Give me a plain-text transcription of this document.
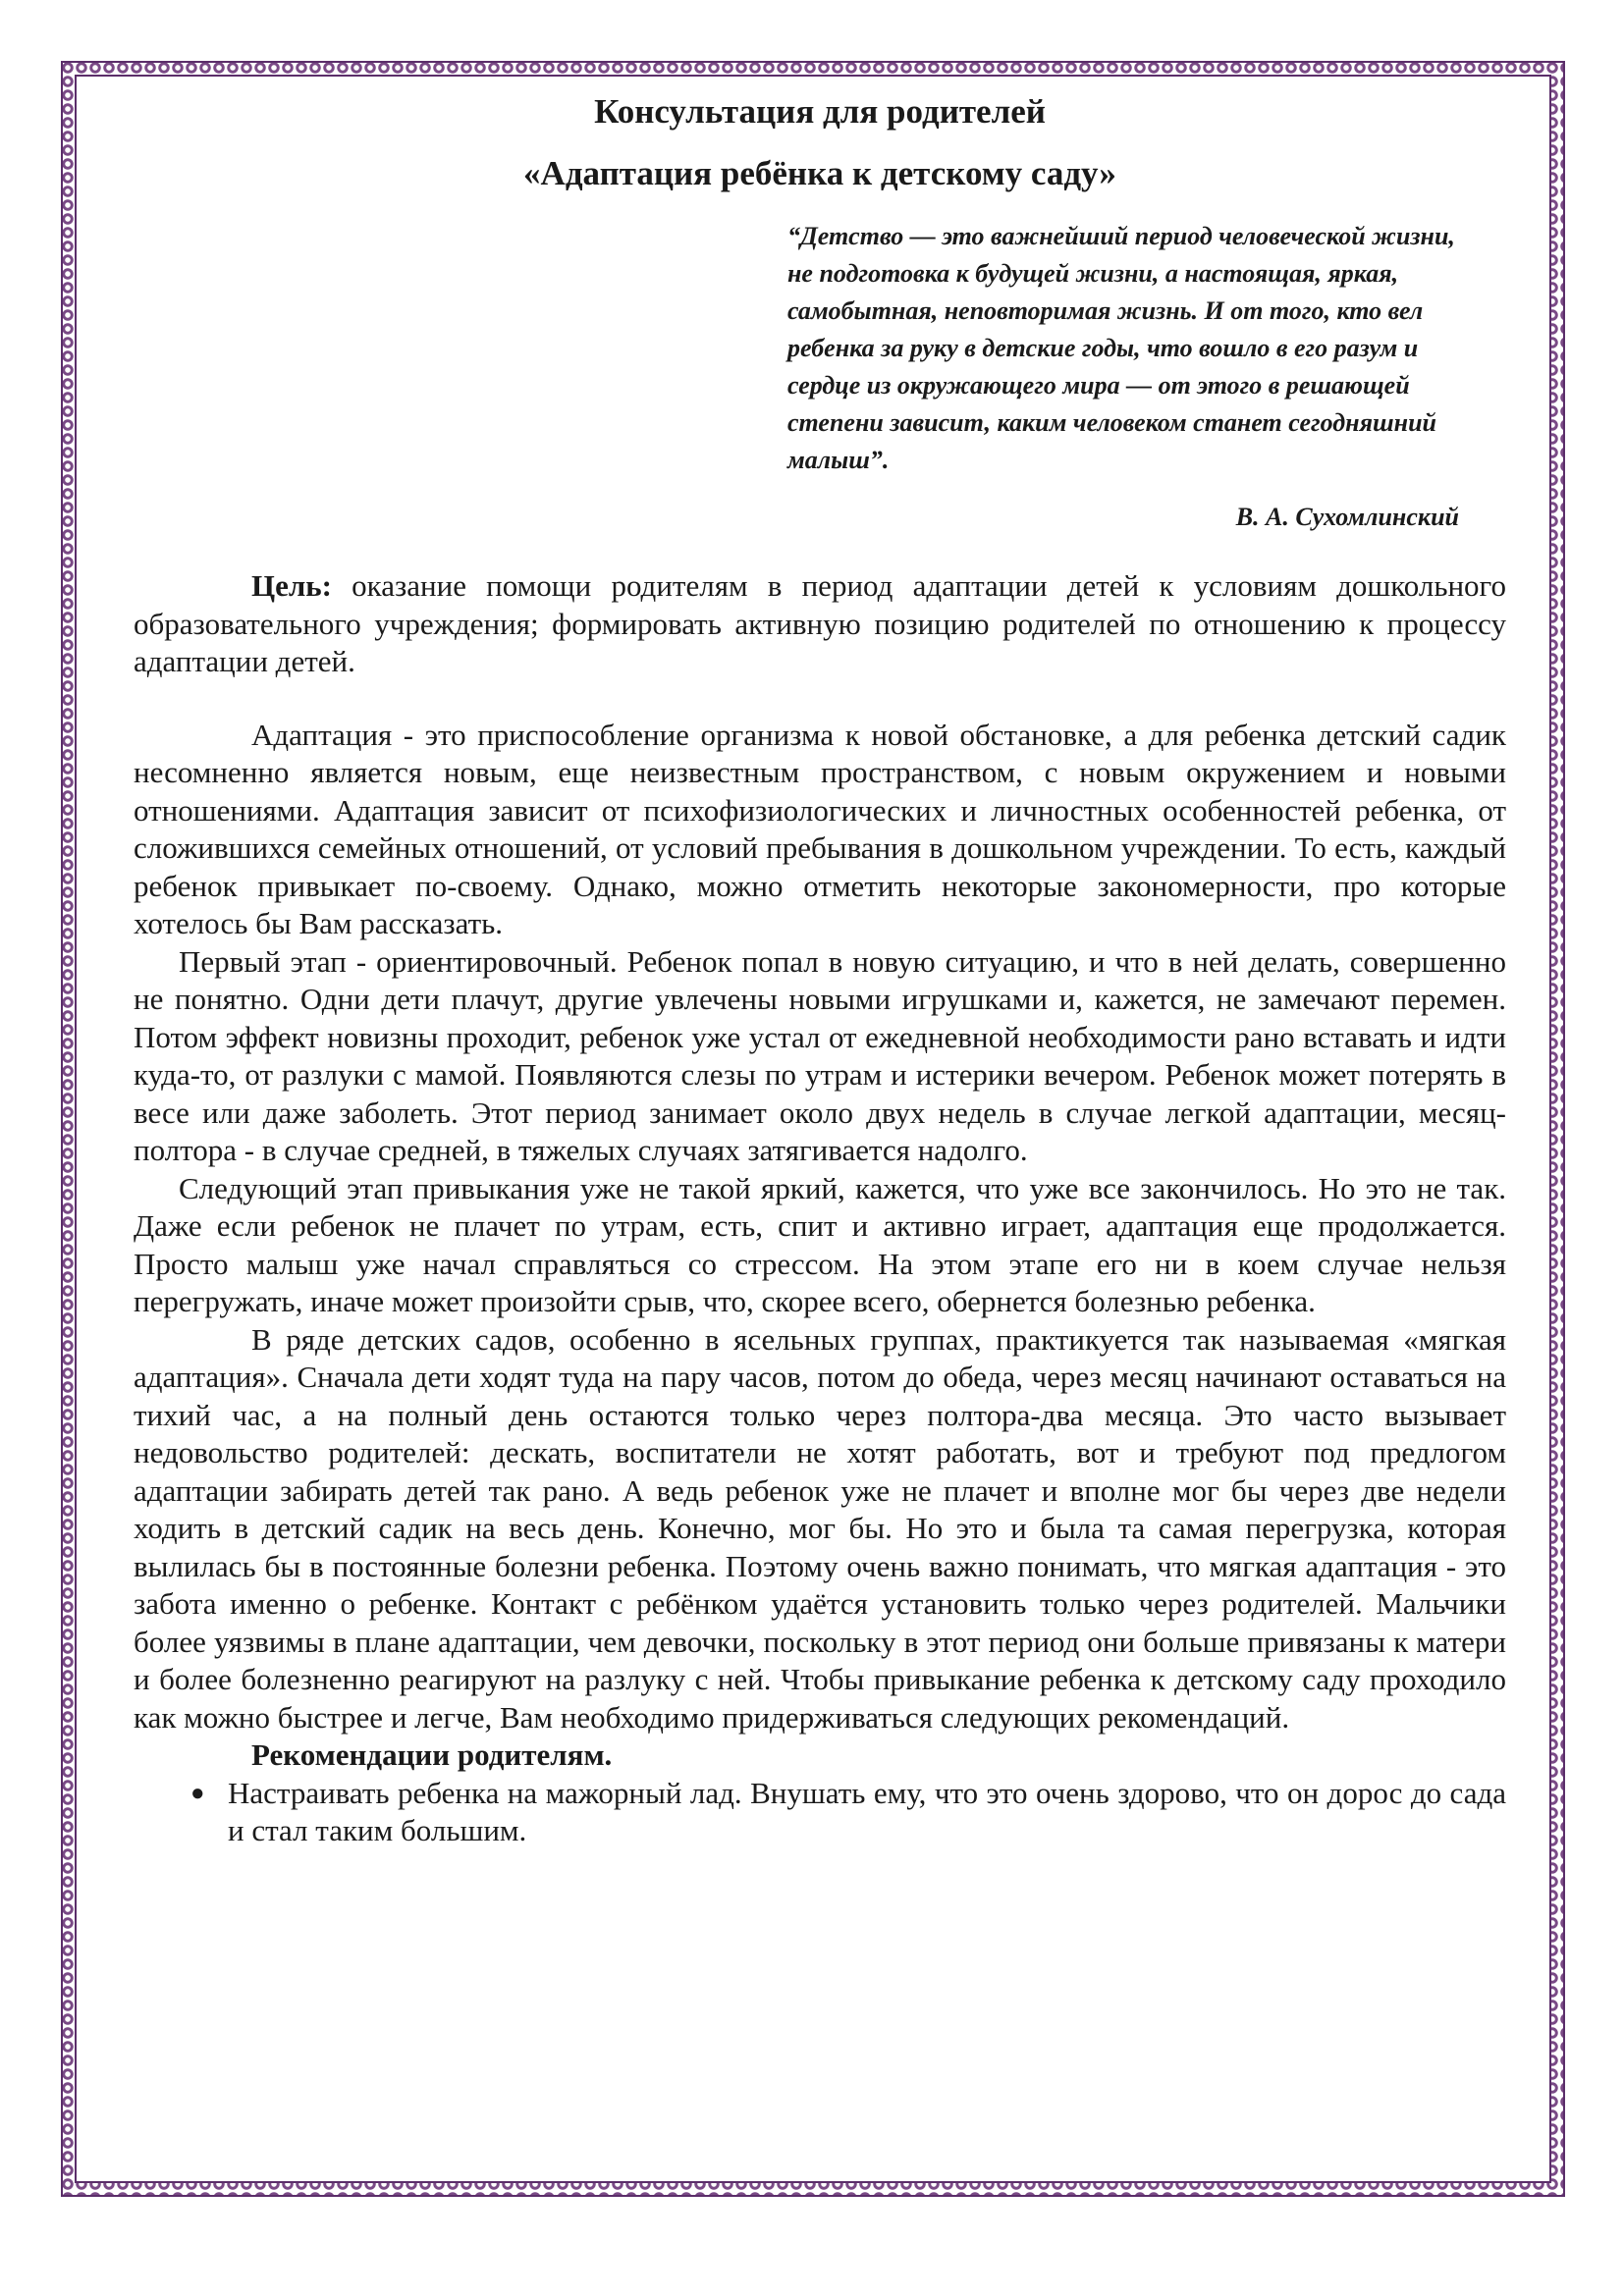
Консультация для родителей
«Адаптация ребёнка к детскому саду»
“Детство — это важнейший период человеческой жизни, не подготовка к будущей жизни, а настоящая, яркая, самобытная, неповторимая жизнь. И от того, кто вел ребенка за руку в детские годы, что вошло в его разум и сердце из окружающего мира — от этого в решающей степени зависит, каким человеком станет сегодняшний малыш”.
В. А. Сухомлинский

Цель: оказание помощи родителям в период адаптации детей к условиям дошкольного образовательного учреждения; формировать активную позицию родителей по отношению к процессу адаптации детей.

Адаптация - это приспособление организма к новой обстановке, а для ребенка детский садик несомненно является новым, еще неизвестным пространством, с новым окружением и новыми отношениями. Адаптация зависит от психофизиологических и личностных особенностей ребенка, от сложившихся семейных отношений, от условий пребывания в дошкольном учреждении. То есть, каждый ребенок привыкает по-своему. Однако, можно отметить некоторые закономерности, про которые хотелось бы Вам рассказать.

Первый этап - ориентировочный. Ребенок попал в новую ситуацию, и что в ней делать, совершенно не понятно. Одни дети плачут, другие увлечены новыми игрушками и, кажется, не замечают перемен. Потом эффект новизны проходит, ребенок уже устал от ежедневной необходимости рано вставать и идти куда-то, от разлуки с мамой. Появляются слезы по утрам и истерики вечером. Ребенок может потерять в весе или даже заболеть. Этот период занимает около двух недель в случае легкой адаптации, месяц-полтора - в случае средней, в тяжелых случаях затягивается надолго.

Следующий этап привыкания уже не такой яркий, кажется, что уже все закончилось. Но это не так. Даже если ребенок не плачет по утрам, есть, спит и активно играет, адаптация еще продолжается. Просто малыш уже начал справляться со стрессом. На этом этапе его ни в коем случае нельзя перегружать, иначе может произойти срыв, что, скорее всего, обернется болезнью ребенка.

В ряде детских садов, особенно в ясельных группах, практикуется так называемая «мягкая адаптация». Сначала дети ходят туда на пару часов, потом до обеда, через месяц начинают оставаться на тихий час, а на полный день остаются только через полтора-два месяца. Это часто вызывает недовольство родителей: дескать, воспитатели не хотят работать, вот и требуют под предлогом адаптации забирать детей так рано. А ведь ребенок уже не плачет и вполне мог бы через две недели ходить в детский садик на весь день. Конечно, мог бы. Но это и была та самая перегрузка, которая вылилась бы в постоянные болезни ребенка. Поэтому очень важно понимать, что мягкая адаптация - это забота именно о ребенке. Контакт с ребёнком удаётся установить только через родителей. Мальчики более уязвимы в плане адаптации, чем девочки, поскольку в этот период они больше привязаны к матери и более болезненно реагируют на разлуку с ней. Чтобы привыкание ребенка к детскому саду проходило как можно быстрее и легче, Вам необходимо придерживаться следующих рекомендаций.

Рекомендации родителям.

● Настраивать ребенка на мажорный лад. Внушать ему, что это очень здорово, что он дорос до сада и стал таким большим.
